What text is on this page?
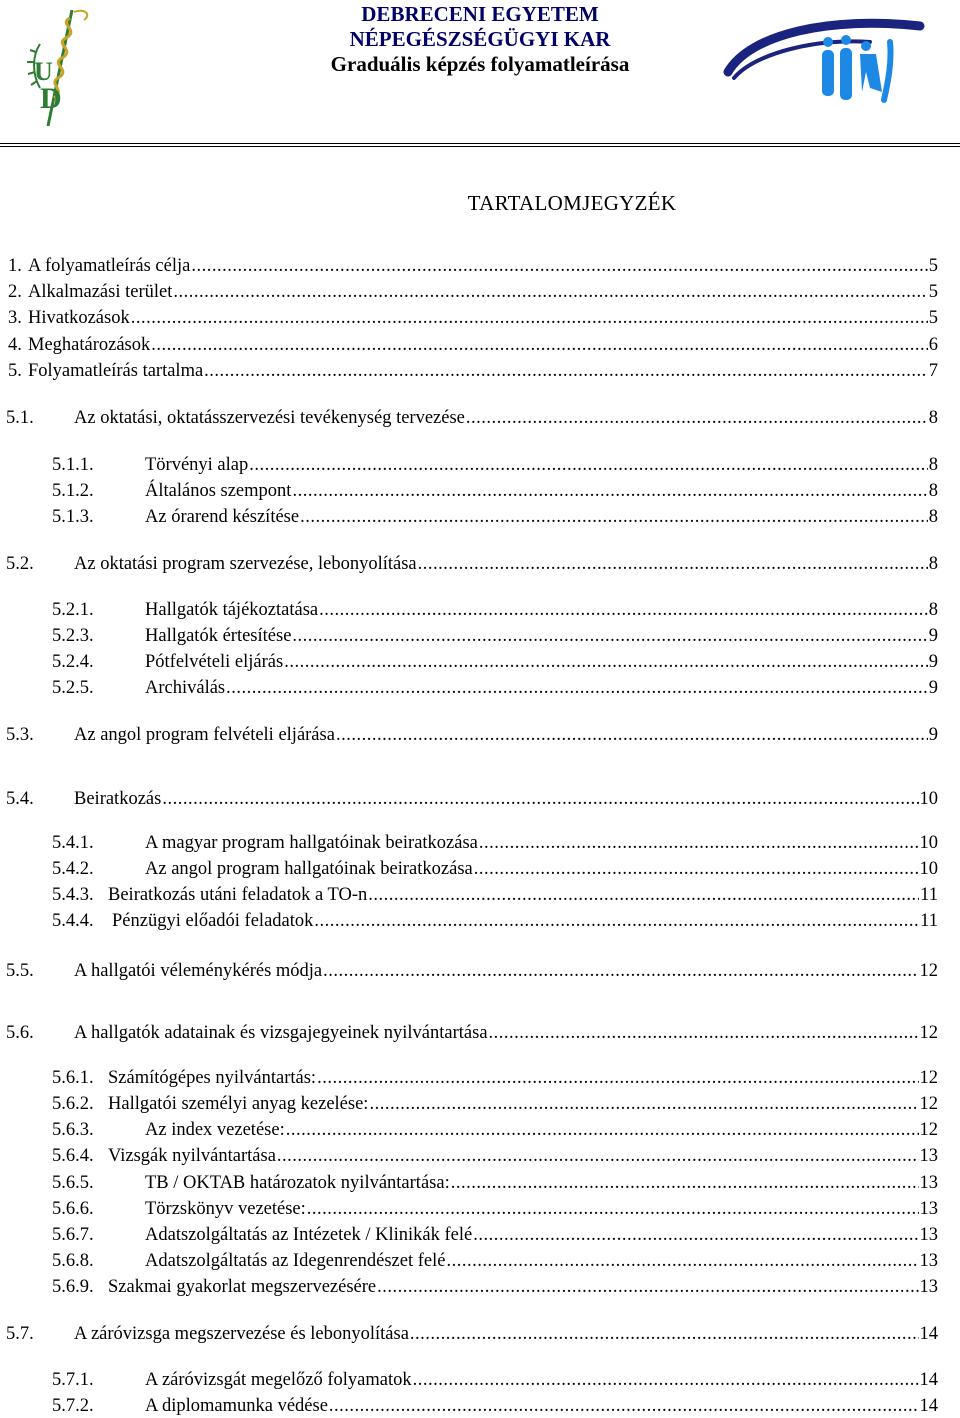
U
D
DEBRECENI EGYETEM
NÉPEGÉSZSÉGÜGYI KAR
Graduális képzés folyamatleírása
TARTALOMJEGYZÉK
1. A folyamatleírás célja .....	5
2. Alkalmazási terület .....	5
3. Hivatkozások .....	5
4. Meghatározások .....	6
5. Folyamatleírás tartalma .....	7
5.1. Az oktatási, oktatásszervezési tevékenység tervezése .....	8
5.1.1.	Törvényi alap .....	8
5.1.2.	Általános szempont .....	8
5.1.3.	Az órarend készítése .....	8
5.2. Az oktatási program szervezése, lebonyolítása .....	8
5.2.1.	Hallgatók tájékoztatása .....	8
5.2.3.	Hallgatók értesítése .....	9
5.2.4.	Pótfelvételi eljárás .....	9
5.2.5.	Archiválás .....	9
5.3. Az angol program felvételi eljárása .....	9
5.4. Beiratkozás .....	10
5.4.1.	A magyar program hallgatóinak beiratkozása .....	10
5.4.2.	Az angol program hallgatóinak beiratkozása .....	10
5.4.3. Beiratkozás utáni feladatok a TO-n .....	11
5.4.4. Pénzügyi előadói feladatok .....	11
5.5. A hallgatói véleménykérés módja .....	12
5.6. A hallgatók adatainak és vizsgajegyeinek nyilvántartása .....	12
5.6.1. Számítógépes nyilvántartás: .....	12
5.6.2. Hallgatói személyi anyag kezelése: .....	12
5.6.3.	Az index vezetése: .....	12
5.6.4. Vizsgák nyilvántartása .....	13
5.6.5.	TB / OKTAB határozatok nyilvántartása: .....	13
5.6.6.	Törzskönyv vezetése: .....	13
5.6.7.	Adatszolgáltatás az Intézetek / Klinikák felé .....	13
5.6.8.	Adatszolgáltatás az Idegenrendészet felé .....	13
5.6.9. Szakmai gyakorlat megszervezésére .....	13
5.7. A záróvizsga megszervezése és lebonyolítása .....	14
5.7.1.	A záróvizsgát megelőző folyamatok .....	14
5.7.2.	A diplomamunka védése .....	14
